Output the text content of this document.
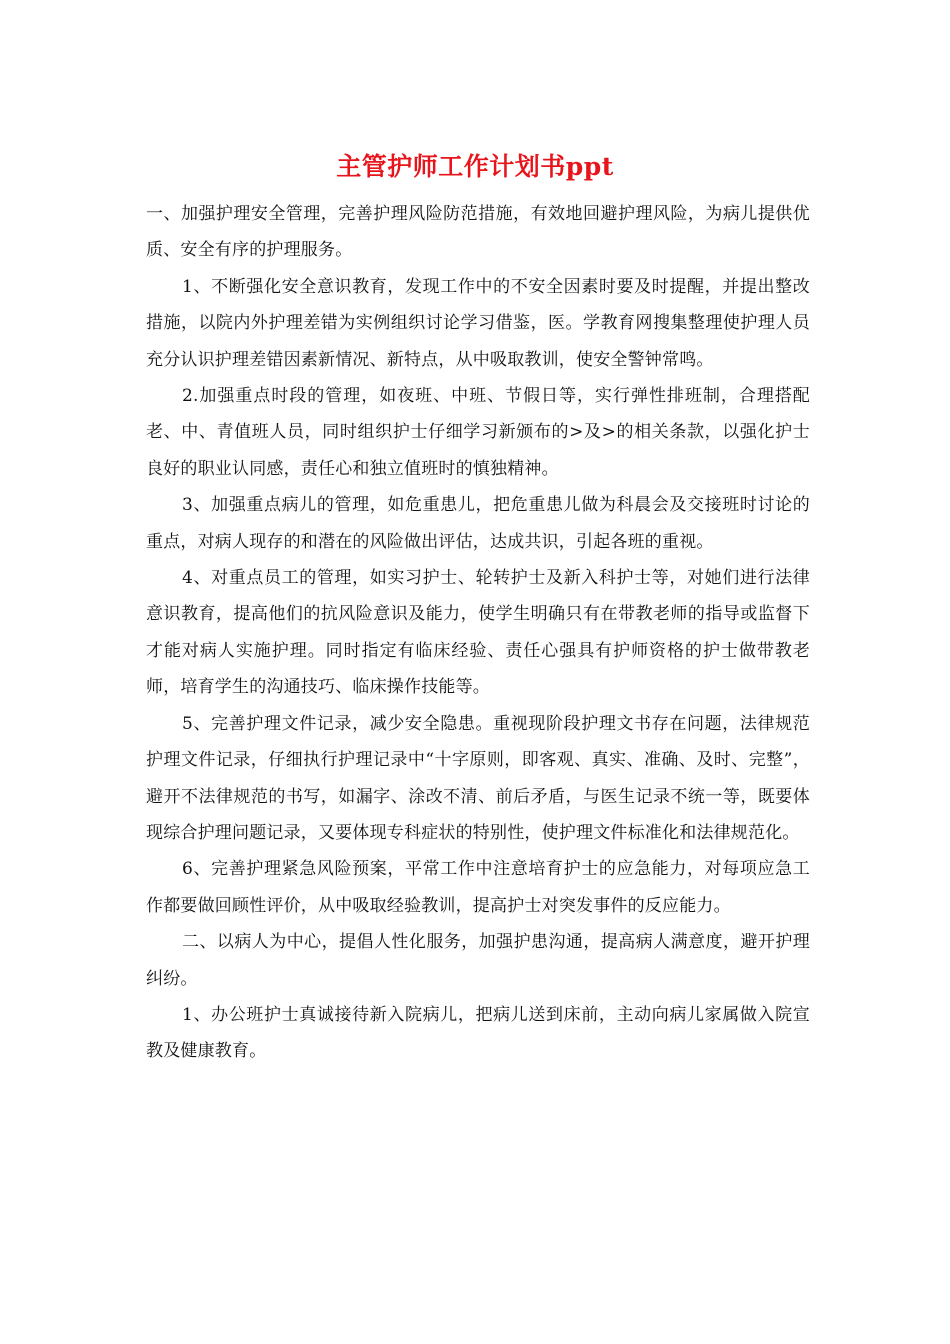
主管护师工作计划书ppt

一、加强护理安全管理，完善护理风险防范措施，有效地回避护理风险，为病儿提供优质、安全有序的护理服务。

1、不断强化安全意识教育，发现工作中的不安全因素时要及时提醒，并提出整改措施，以院内外护理差错为实例组织讨论学习借鉴，医。学教育网搜集整理使护理人员充分认识护理差错因素新情况、新特点，从中吸取教训，使安全警钟常鸣。

2.加强重点时段的管理，如夜班、中班、节假日等，实行弹性排班制，合理搭配老、中、青值班人员，同时组织护士仔细学习新颁布的>及>的相关条款，以强化护士良好的职业认同感，责任心和独立值班时的慎独精神。

3、加强重点病儿的管理，如危重患儿，把危重患儿做为科晨会及交接班时讨论的重点，对病人现存的和潜在的风险做出评估，达成共识，引起各班的重视。

4、对重点员工的管理，如实习护士、轮转护士及新入科护士等，对她们进行法律意识教育，提高他们的抗风险意识及能力，使学生明确只有在带教老师的指导或监督下才能对病人实施护理。同时指定有临床经验、责任心强具有护师资格的护士做带教老师，培育学生的沟通技巧、临床操作技能等。

5、完善护理文件记录，减少安全隐患。重视现阶段护理文书存在问题，法律规范护理文件记录，仔细执行护理记录中“十字原则，即客观、真实、准确、及时、完整”，避开不法律规范的书写，如漏字、涂改不清、前后矛盾，与医生记录不统一等，既要体现综合护理问题记录，又要体现专科症状的特别性，使护理文件标准化和法律规范化。

6、完善护理紧急风险预案，平常工作中注意培育护士的应急能力，对每项应急工作都要做回顾性评价，从中吸取经验教训，提高护士对突发事件的反应能力。

二、以病人为中心，提倡人性化服务，加强护患沟通，提高病人满意度，避开护理纠纷。

1、办公班护士真诚接待新入院病儿，把病儿送到床前，主动向病儿家属做入院宣教及健康教育。
